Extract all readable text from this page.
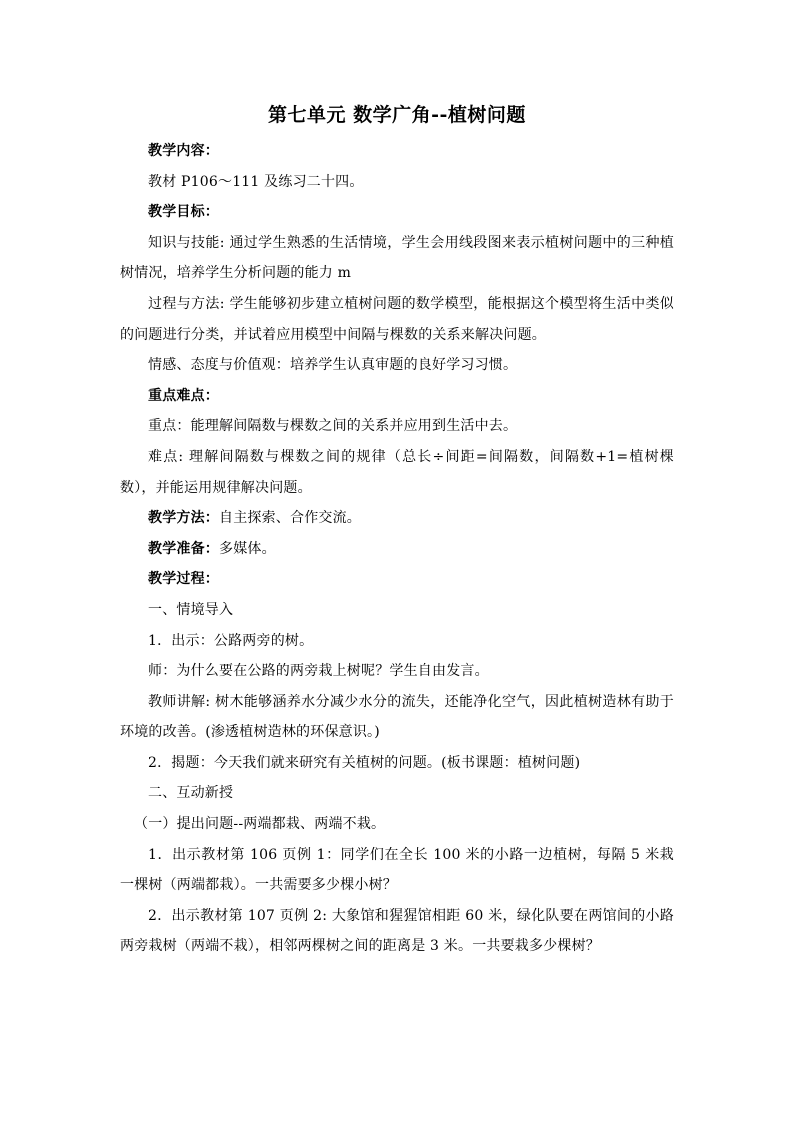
第七单元 数学广角--植树问题

教学内容：

教材 P106～111 及练习二十四。

教学目标：

知识与技能: 通过学生熟悉的生活情境，学生会用线段图来表示植树问题中的三种植树情况，培养学生分析问题的能力 m

过程与方法: 学生能够初步建立植树问题的数学模型，能根据这个模型将生活中类似的问题进行分类，并试着应用模型中间隔与棵数的关系来解决问题。

情感、态度与价值观：培养学生认真审题的良好学习习惯。

重点难点：

重点：能理解间隔数与棵数之间的关系并应用到生活中去。

难点: 理解间隔数与棵数之间的规律（总长÷间距=间隔数，间隔数+1=植树棵数），并能运用规律解决问题。

教学方法：自主探索、合作交流。

教学准备：多媒体。

教学过程：

一、情境导入

1．出示：公路两旁的树。

师：为什么要在公路的两旁栽上树呢？学生自由发言。

教师讲解: 树木能够涵养水分减少水分的流失，还能净化空气，因此植树造林有助于环境的改善。(渗透植树造林的环保意识。)

2．揭题：今天我们就来研究有关植树的问题。(板书课题：植树问题)

二、互动新授

（一）提出问题--两端都栽、两端不栽。

1．出示教材第 106 页例 1：同学们在全长 100 米的小路一边植树，每隔 5 米栽一棵树（两端都栽）。一共需要多少棵小树？

2．出示教材第 107 页例 2: 大象馆和猩猩馆相距 60 米，绿化队要在两馆间的小路两旁栽树（两端不栽），相邻两棵树之间的距离是 3 米。一共要栽多少棵树？
